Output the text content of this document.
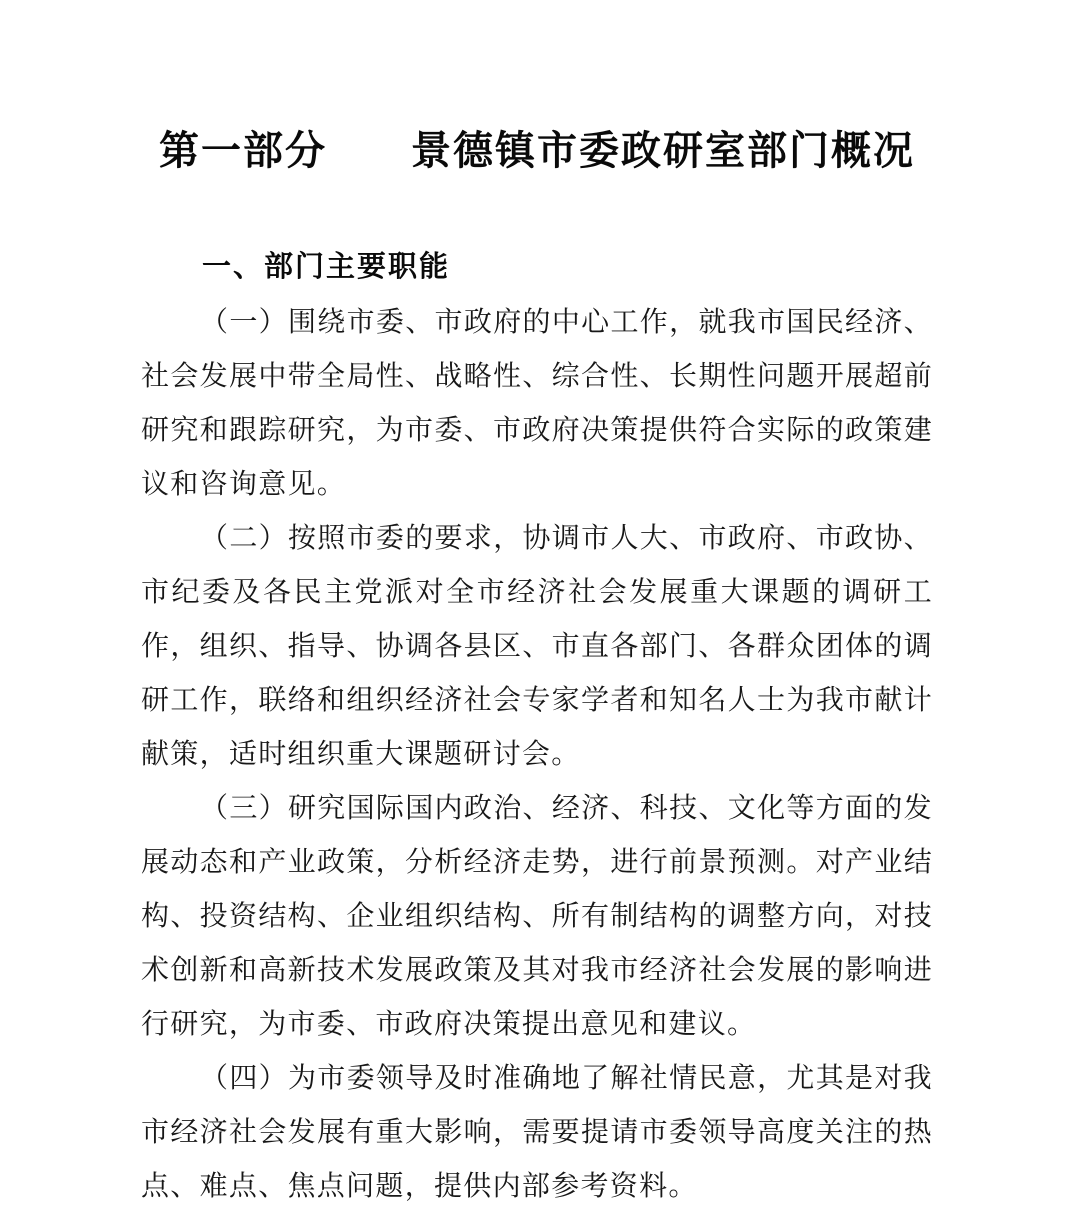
第一部分　　景德镇市委政研室部门概况
一、部门主要职能

（一）围绕市委、市政府的中心工作，就我市国民经济、社会发展中带全局性、战略性、综合性、长期性问题开展超前研究和跟踪研究，为市委、市政府决策提供符合实际的政策建议和咨询意见。

（二）按照市委的要求，协调市人大、市政府、市政协、市纪委及各民主党派对全市经济社会发展重大课题的调研工作，组织、指导、协调各县区、市直各部门、各群众团体的调研工作，联络和组织经济社会专家学者和知名人士为我市献计献策，适时组织重大课题研讨会。

（三）研究国际国内政治、经济、科技、文化等方面的发展动态和产业政策，分析经济走势，进行前景预测。对产业结构、投资结构、企业组织结构、所有制结构的调整方向，对技术创新和高新技术发展政策及其对我市经济社会发展的影响进行研究，为市委、市政府决策提出意见和建议。

（四）为市委领导及时准确地了解社情民意，尤其是对我市经济社会发展有重大影响，需要提请市委领导高度关注的热点、难点、焦点问题，提供内部参考资料。
